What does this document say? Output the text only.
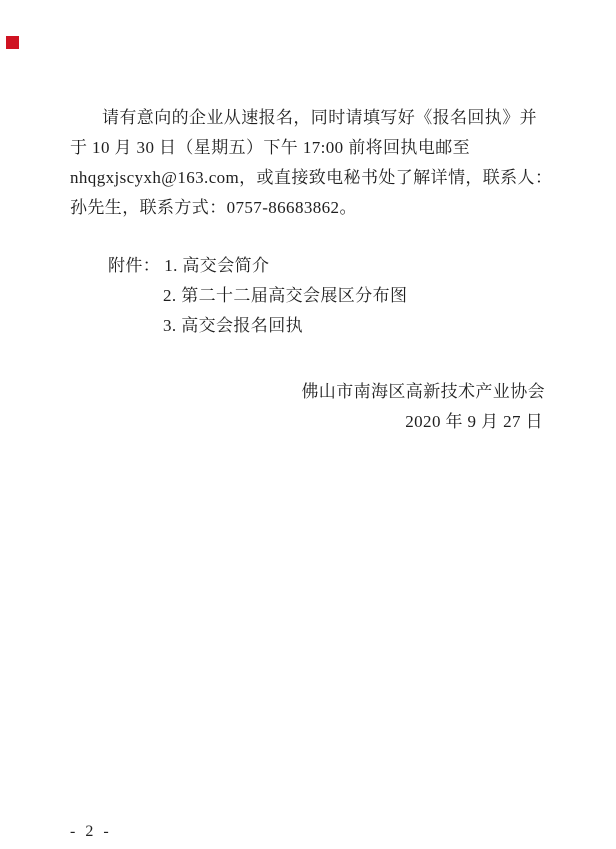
请有意向的企业从速报名，同时请填写好《报名回执》并
于 10 月 30 日（星期五）下午 17:00 前将回执电邮至
nhqgxjscyxh@163.com，或直接致电秘书处了解详情，联系人：
孙先生，联系方式：0757-86683862。
附件： 1. 高交会简介
2. 第二十二届高交会展区分布图
3. 高交会报名回执
佛山市南海区高新技术产业协会
2020 年 9 月 27 日
- 2 -
